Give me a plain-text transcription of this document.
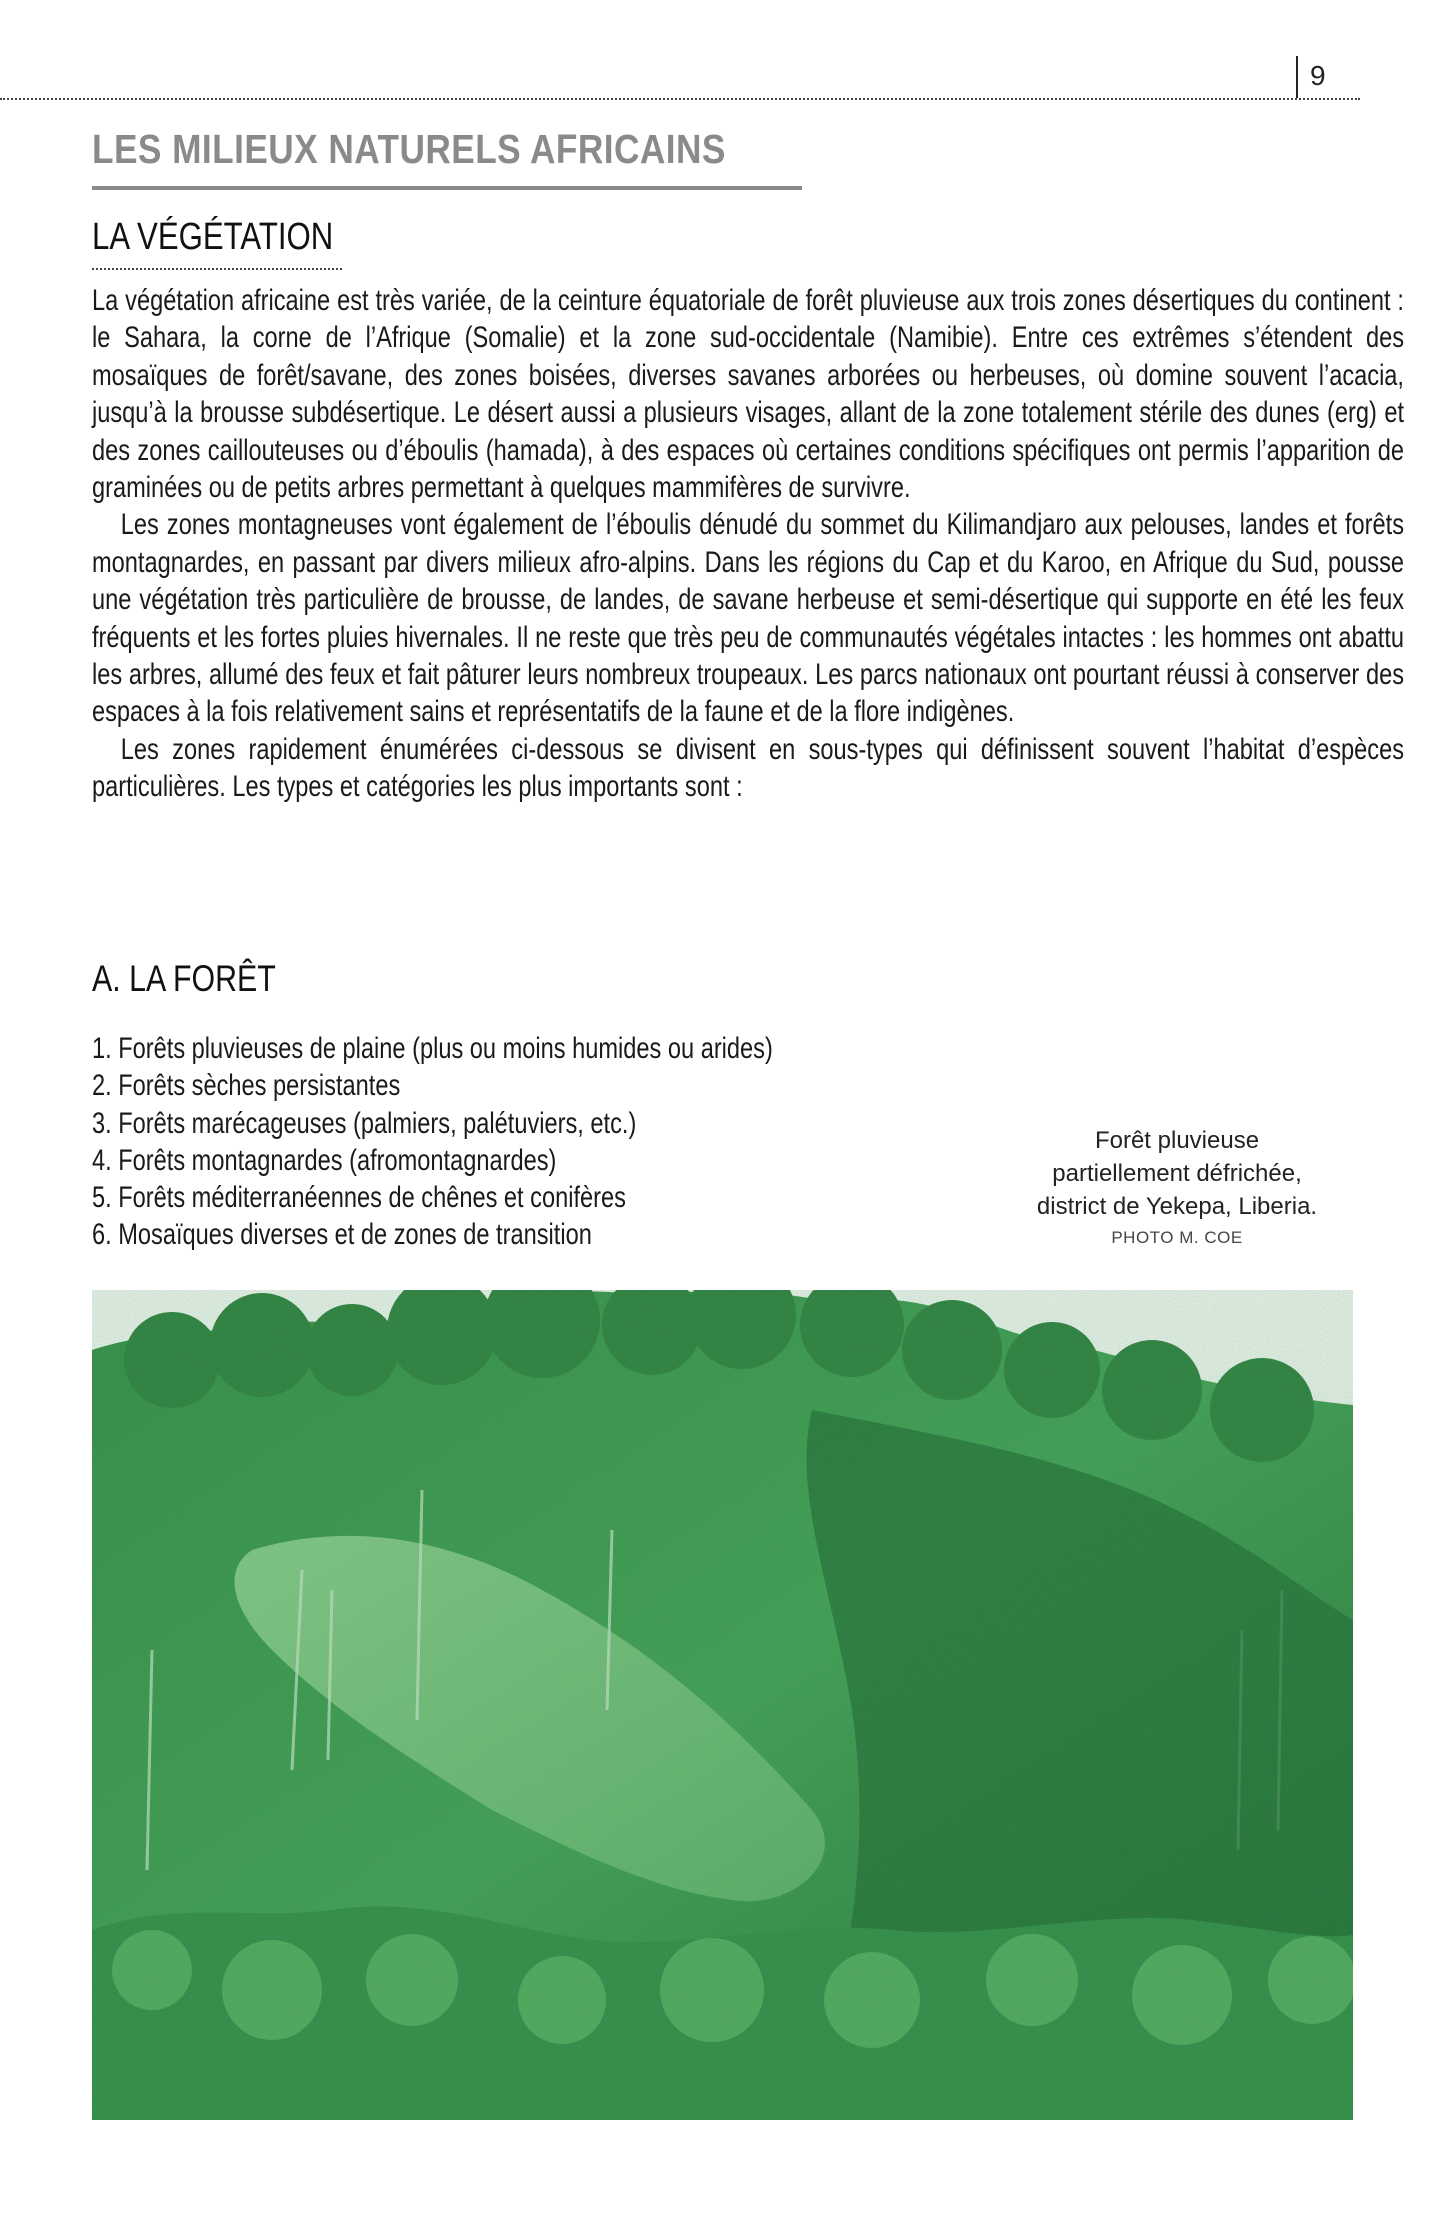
9
LES MILIEUX NATURELS AFRICAINS
LA VÉGÉTATION

La végétation africaine est très variée, de la ceinture équatoriale de forêt pluvieuse aux trois zones désertiques du continent : le Sahara, la corne de l’Afrique (Somalie) et la zone sud-occidentale (Namibie). Entre ces extrêmes s’étendent des mosaïques de forêt/savane, des zones boisées, diverses savanes arborées ou herbeuses, où domine souvent l’acacia, jusqu’à la brousse subdésertique. Le désert aussi a plusieurs visages, allant de la zone totalement stérile des dunes (erg) et des zones caillouteuses ou d’éboulis (hamada), à des espaces où certaines conditions spécifiques ont permis l’apparition de graminées ou de petits arbres permettant à quelques mammifères de survivre.

Les zones montagneuses vont également de l’éboulis dénudé du sommet du Kilimandjaro aux pelouses, landes et forêts montagnardes, en passant par divers milieux afro-alpins. Dans les régions du Cap et du Karoo, en Afrique du Sud, pousse une végétation très particulière de brousse, de landes, de savane herbeuse et semi-désertique qui supporte en été les feux fréquents et les fortes pluies hivernales. Il ne reste que très peu de communautés végétales intactes : les hommes ont abattu les arbres, allumé des feux et fait pâturer leurs nombreux troupeaux. Les parcs nationaux ont pourtant réussi à conserver des espaces à la fois relativement sains et représentatifs de la faune et de la flore indigènes.

Les zones rapidement énumérées ci-dessous se divisent en sous-types qui définissent souvent l’habitat d’espèces particulières. Les types et catégories les plus importants sont :

A. LA FORÊT
1. Forêts pluvieuses de plaine (plus ou moins humides ou arides)
2. Forêts sèches persistantes
3. Forêts marécageuses (palmiers, palétuviers, etc.)
4. Forêts montagnardes (afromontagnardes)
5. Forêts méditerranéennes de chênes et conifères
6. Mosaïques diverses et de zones de transition
Forêt pluvieuse
partiellement défrichée,
district de Yekepa, Liberia.
PHOTO M. COE
